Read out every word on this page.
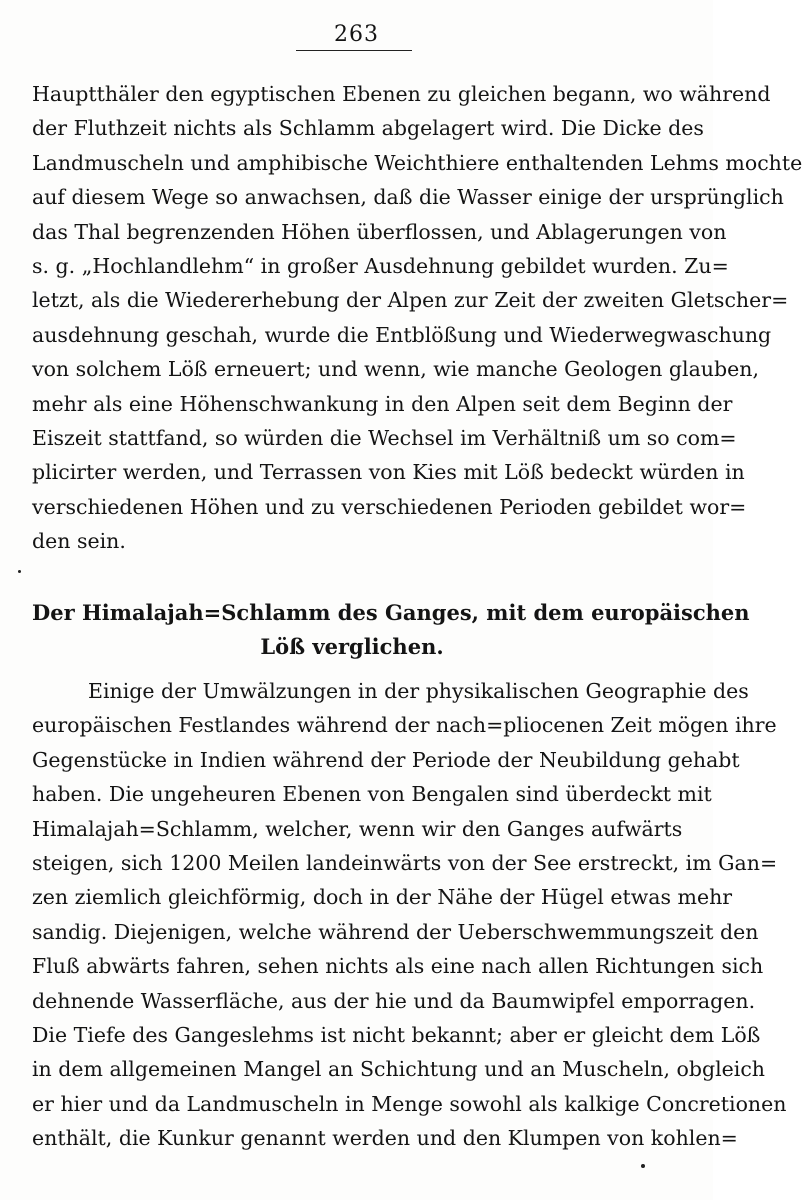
263
Hauptthäler den egyptischen Ebenen zu gleichen begann, wo während
der Fluthzeit nichts als Schlamm abgelagert wird. Die Dicke des
Landmuscheln und amphibische Weichthiere enthaltenden Lehms mochte
auf diesem Wege so anwachsen, daß die Wasser einige der ursprünglich
das Thal begrenzenden Höhen überflossen, und Ablagerungen von
s. g. „Hochlandlehm“ in großer Ausdehnung gebildet wurden. Zu=
letzt, als die Wiedererhebung der Alpen zur Zeit der zweiten Gletscher=
ausdehnung geschah, wurde die Entblößung und Wiederwegwaschung
von solchem Löß erneuert; und wenn, wie manche Geologen glauben,
mehr als eine Höhenschwankung in den Alpen seit dem Beginn der
Eiszeit stattfand, so würden die Wechsel im Verhältniß um so com=
plicirter werden, und Terrassen von Kies mit Löß bedeckt würden in
verschiedenen Höhen und zu verschiedenen Perioden gebildet wor=
den sein.
Der Himalajah=Schlamm des Ganges, mit dem europäischen
Löß verglichen.
Einige der Umwälzungen in der physikalischen Geographie des
europäischen Festlandes während der nach=pliocenen Zeit mögen ihre
Gegenstücke in Indien während der Periode der Neubildung gehabt
haben. Die ungeheuren Ebenen von Bengalen sind überdeckt mit
Himalajah=Schlamm, welcher, wenn wir den Ganges aufwärts
steigen, sich 1200 Meilen landeinwärts von der See erstreckt, im Gan=
zen ziemlich gleichförmig, doch in der Nähe der Hügel etwas mehr
sandig. Diejenigen, welche während der Ueberschwemmungszeit den
Fluß abwärts fahren, sehen nichts als eine nach allen Richtungen sich
dehnende Wasserfläche, aus der hie und da Baumwipfel emporragen.
Die Tiefe des Gangeslehms ist nicht bekannt; aber er gleicht dem Löß
in dem allgemeinen Mangel an Schichtung und an Muscheln, obgleich
er hier und da Landmuscheln in Menge sowohl als kalkige Concretionen
enthält, die Kunkur genannt werden und den Klumpen von kohlen=
